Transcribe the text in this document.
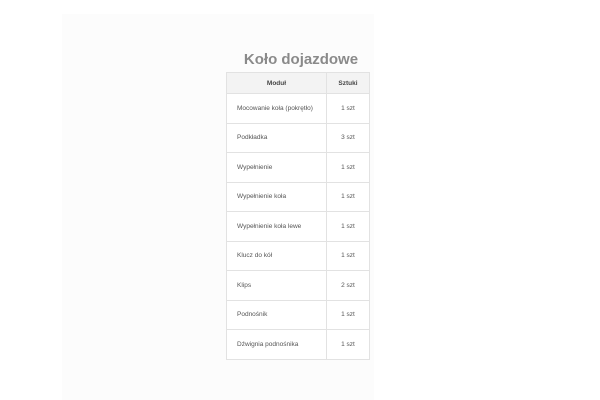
Koło dojazdowe
Moduł	Sztuki
Mocowanie koła (pokrętło)	1 szt
Podkładka	3 szt
Wypełnienie	1 szt
Wypełnienie koła	1 szt
Wypełnienie koła lewe	1 szt
Klucz do kół	1 szt
Klips	2 szt
Podnośnik	1 szt
Dźwignia podnośnika	1 szt
